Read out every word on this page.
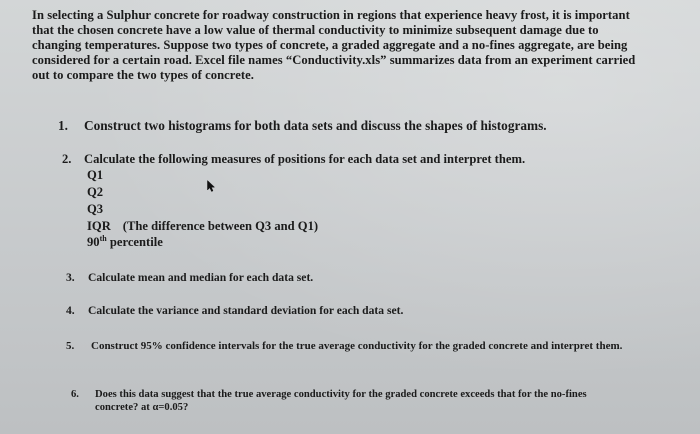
In selecting a Sulphur concrete for roadway construction in regions that experience heavy frost, it is important that the chosen concrete have a low value of thermal conductivity to minimize subsequent damage due to changing temperatures. Suppose two types of concrete, a graded aggregate and a no-fines aggregate, are being considered for a certain road. Excel file names “Conductivity.xls” summarizes data from an experiment carried out to compare the two types of concrete.
1. Construct two histograms for both data sets and discuss the shapes of histograms.
2. Calculate the following measures of positions for each data set and interpret them.
Q1
Q2
Q3
IQR (The difference between Q3 and Q1)
90th percentile
3. Calculate mean and median for each data set.
4. Calculate the variance and standard deviation for each data set.
5. Construct 95% confidence intervals for the true average conductivity for the graded concrete and interpret them.
6. Does this data suggest that the true average conductivity for the graded concrete exceeds that for the no-fines concrete? at α=0.05?
